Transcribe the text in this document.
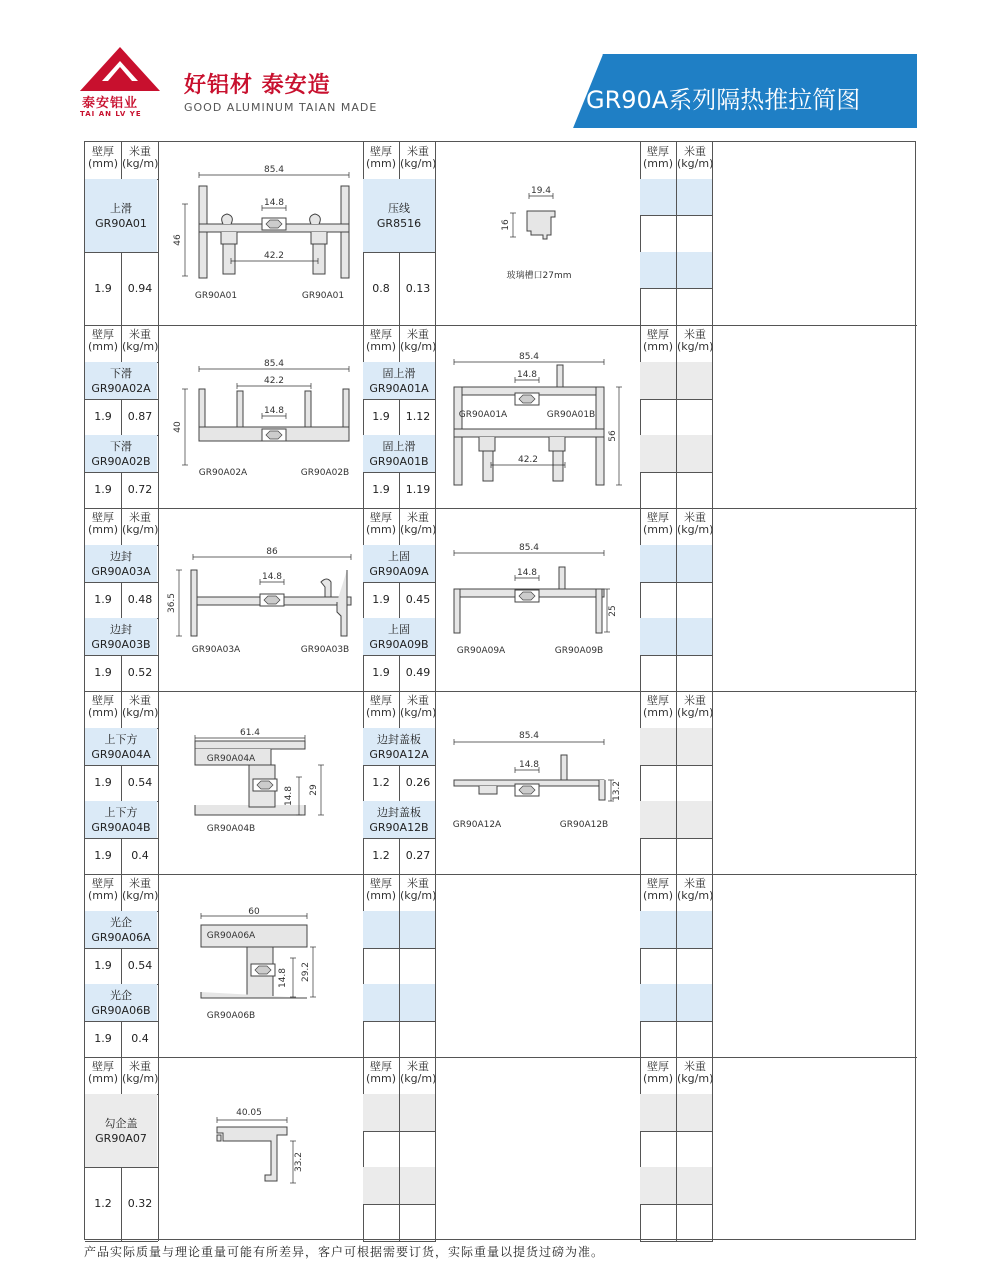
泰安铝业
TAI AN LV YE
好铝材 泰安造
GOOD ALUMINUM TAIAN MADE	GR90A系列隔热推拉简图
壁厚
(mm)
米重
(kg/m)
上滑
GR90A01
1.9	0.94
壁厚
(mm)
米重
(kg/m)
压线
GR8516
0.8	0.13
壁厚
(mm)
米重
(kg/m)
壁厚
(mm)
米重
(kg/m)
下滑
GR90A02A
1.9	0.87
下滑
GR90A02B
1.9	0.72
壁厚
(mm)
米重
(kg/m)
固上滑
GR90A01A
1.9	1.12
固上滑
GR90A01B
1.9	1.19
壁厚
(mm)
米重
(kg/m)
壁厚
(mm)
米重
(kg/m)
边封
GR90A03A
1.9	0.48
边封
GR90A03B
1.9	0.52
壁厚
(mm)
米重
(kg/m)
上固
GR90A09A
1.9	0.45
上固
GR90A09B
1.9	0.49
壁厚
(mm)
米重
(kg/m)
壁厚
(mm)
米重
(kg/m)
上下方
GR90A04A
1.9	0.54
上下方
GR90A04B
1.9	0.4
壁厚
(mm)
米重
(kg/m)
边封盖板
GR90A12A
1.2	0.26
边封盖板
GR90A12B
1.2	0.27
壁厚
(mm)
米重
(kg/m)
壁厚
(mm)
米重
(kg/m)
光企
GR90A06A
1.9	0.54
光企
GR90A06B
1.9	0.4
壁厚
(mm)
米重
(kg/m)
壁厚
(mm)
米重
(kg/m)
壁厚
(mm)
米重
(kg/m)
勾企盖
GR90A07
1.2	0.32
壁厚
(mm)
米重
(kg/m)
壁厚
(mm)
米重
(kg/m)
85.4
46
14.8
42.2
GR90A01	GR90A01
19.4
16
玻璃槽口27mm
85.4
42.2
40
14.8
GR90A02A	GR90A02B
85.4
56
14.8
42.2
GR90A01A	GR90A01B
86
36.5
14.8
GR90A03A	GR90A03B
85.4
25
14.8
GR90A09A	GR90A09B
61.4
14.8 29
GR90A04A
GR90A04B
85.4
13.2
14.8
GR90A12A	GR90A12B
60
14.8 29.2
GR90A06A
GR90A06B
40.05
33.2
产品实际质量与理论重量可能有所差异，客户可根据需要订货，实际重量以提货过磅为准。
